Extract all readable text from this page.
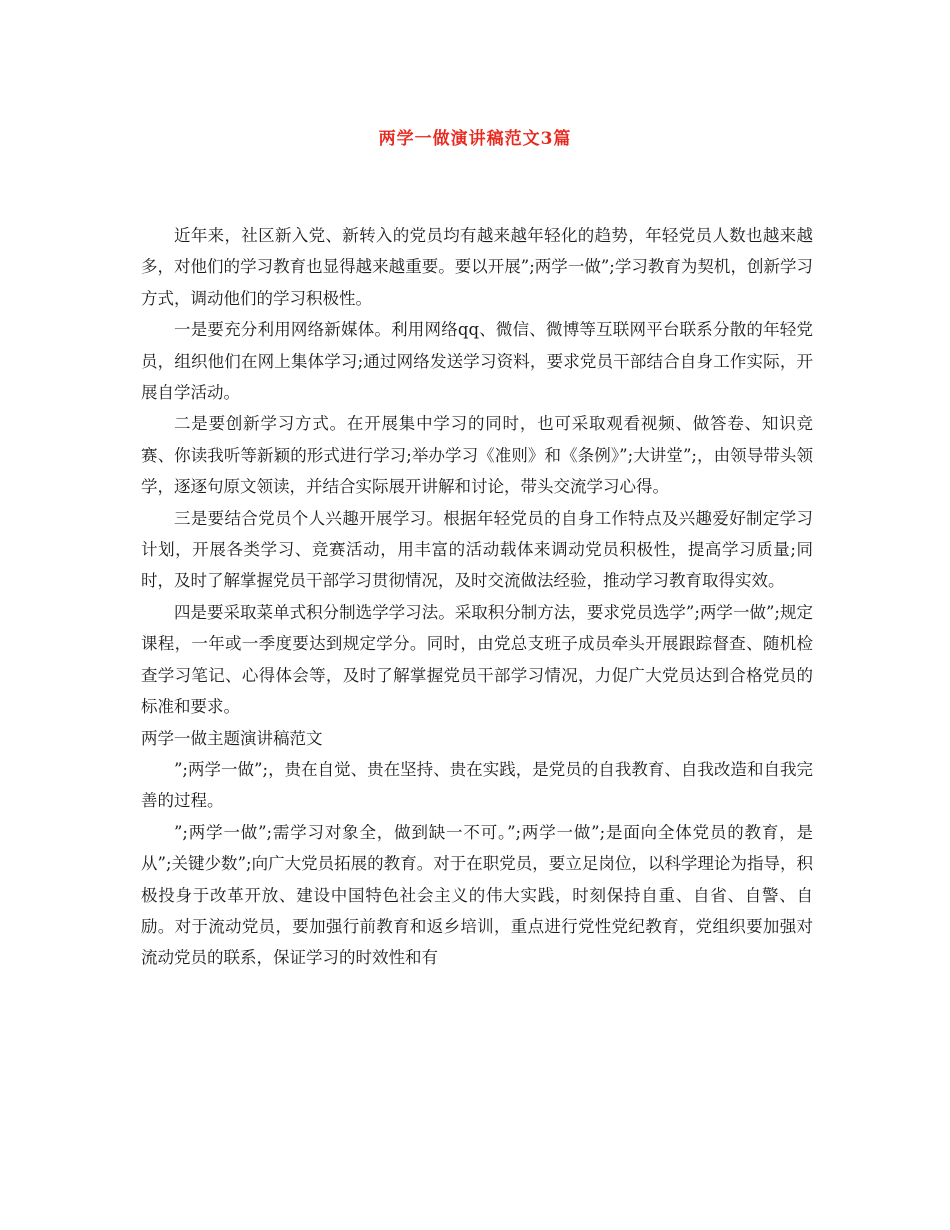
两学一做演讲稿范文3篇

近年来，社区新入党、新转入的党员均有越来越年轻化的趋势，年轻党员人数也越来越多，对他们的学习教育也显得越来越重要。要以开展”;两学一做”;学习教育为契机，创新学习方式，调动他们的学习积极性。

一是要充分利用网络新媒体。利用网络qq、微信、微博等互联网平台联系分散的年轻党员，组织他们在网上集体学习;通过网络发送学习资料，要求党员干部结合自身工作实际，开展自学活动。

二是要创新学习方式。在开展集中学习的同时，也可采取观看视频、做答卷、知识竞赛、你读我听等新颖的形式进行学习;举办学习《准则》和《条例》”;大讲堂”;，由领导带头领学，逐逐句原文领读，并结合实际展开讲解和讨论，带头交流学习心得。

三是要结合党员个人兴趣开展学习。根据年轻党员的自身工作特点及兴趣爱好制定学习计划，开展各类学习、竞赛活动，用丰富的活动载体来调动党员积极性，提高学习质量;同时，及时了解掌握党员干部学习贯彻情况，及时交流做法经验，推动学习教育取得实效。

四是要采取菜单式积分制选学学习法。采取积分制方法，要求党员选学”;两学一做”;规定课程，一年或一季度要达到规定学分。同时，由党总支班子成员牵头开展跟踪督查、随机检查学习笔记、心得体会等，及时了解掌握党员干部学习情况，力促广大党员达到合格党员的标准和要求。

两学一做主题演讲稿范文

”;两学一做”;，贵在自觉、贵在坚持、贵在实践，是党员的自我教育、自我改造和自我完善的过程。

”;两学一做”;需学习对象全，做到缺一不可。”;两学一做”;是面向全体党员的教育，是从”;关键少数”;向广大党员拓展的教育。对于在职党员，要立足岗位，以科学理论为指导，积极投身于改革开放、建设中国特色社会主义的伟大实践，时刻保持自重、自省、自警、自励。对于流动党员，要加强行前教育和返乡培训，重点进行党性党纪教育，党组织要加强对流动党员的联系，保证学习的时效性和有
